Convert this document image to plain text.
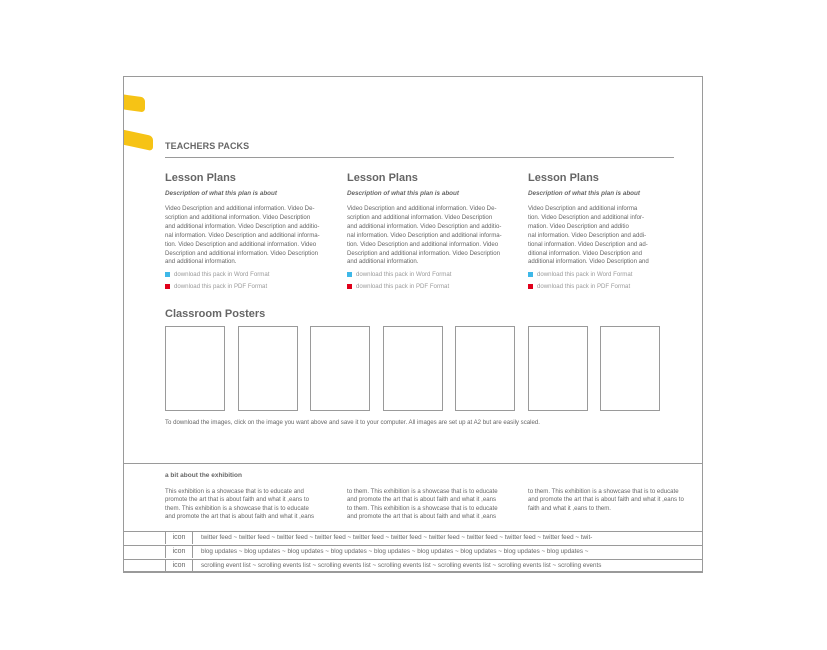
TEACHERS PACKS
Lesson Plans
Description of what this plan is about
Video Description and additional information. Video De-
scription and additional information. Video Description
and additional information. Video Description and additio-
nal information. Video Description and additional informa-
tion. Video Description and additional information. Video
Description and additional information. Video Description
and additional information.
download this pack in Word Format
download this pack in PDF Format
Lesson Plans
Description of what this plan is about
Video Description and additional information. Video De-
scription and additional information. Video Description
and additional information. Video Description and additio-
nal information. Video Description and additional informa-
tion. Video Description and additional information. Video
Description and additional information. Video Description
and additional information.
download this pack in Word Format
download this pack in PDF Format
Lesson Plans
Description of what this plan is about
Video Description and additional informa
tion. Video Description and additional infor-
mation. Video Description and additio
nal information. Video Description and addi-
tional information. Video Description and ad-
ditional information. Video Description and
additional information. Video Description and
download this pack in Word Format
download this pack in PDF Format
Classroom Posters
To download the images, click on the image you want above and save it to your computer. All images are set up at A2 but are easily scaled.
a bit about the exhibition
This exhibition is a showcase that is to educate and
promote the art that is about faith and what it ,eans to
them. This exhibition is a showcase that is to educate
and promote the art that is about faith and what it ,eans
to them. This exhibition is a showcase that is to educate
and promote the art that is about faith and what it ,eans
to them. This exhibition is a showcase that is to educate
and promote the art that is about faith and what it ,eans
to them. This exhibition is a showcase that is to educate
and promote the art that is about faith and what it ,eans to
faith and what it ,eans to them.
icon	twitter feed ~ twitter feed ~ twitter feed ~ twitter feed ~ twitter feed ~ twitter feed ~ twitter feed ~ twitter feed ~ twitter feed ~ twitter feed ~ twit-
icon	blog updates ~ blog updates ~ blog updates ~ blog updates ~ blog updates ~ blog updates ~ blog updates ~ blog updates ~ blog updates ~
icon	scrolling event list ~ scrolling events list ~ scrolling events list ~ scrolling events list ~ scrolling events list ~ scrolling events list ~ scrolling events
